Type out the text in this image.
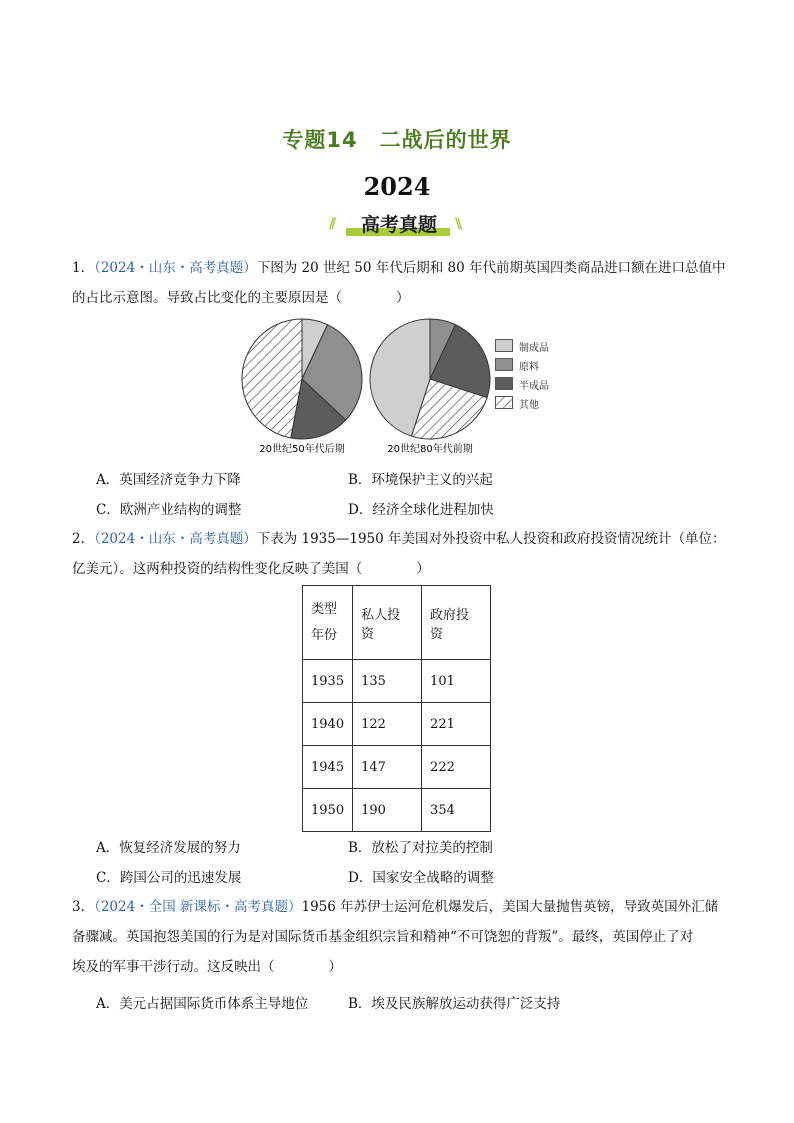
专题14　二战后的世界
2024
//	\\
高考真题
1．（2024・山东・高考真题）下图为 20 世纪 50 年代后期和 80 年代前期英国四类商品进口额在进口总值中
的占比示意图。导致占比变化的主要原因是（　　　　）
20世纪50年代后期	20世纪80年代前期
制成品
原料
半成品
其他
A．英国经济竞争力下降	B．环境保护主义的兴起
C．欧洲产业结构的调整	D．经济全球化进程加快
2．（2024・山东・高考真题）下表为 1935—1950 年美国对外投资中私人投资和政府投资情况统计（单位：
亿美元）。这两种投资的结构性变化反映了美国（　　　　）
类型
年份	私人投资	政府投资
1935	135	101
1940	122	221
1945	147	222
1950	190	354
A．恢复经济发展的努力	B．放松了对拉美的控制
C．跨国公司的迅速发展	D．国家安全战略的调整
3．（2024・全国 新课标・高考真题）1956 年苏伊士运河危机爆发后，美国大量抛售英镑，导致英国外汇储
备骤减。英国抱怨美国的行为是对国际货币基金组织宗旨和精神“不可饶恕的背叛”。最终，英国停止了对
埃及的军事干涉行动。这反映出（　　　　）
A．美元占据国际货币体系主导地位	B．埃及民族解放运动获得广泛支持
